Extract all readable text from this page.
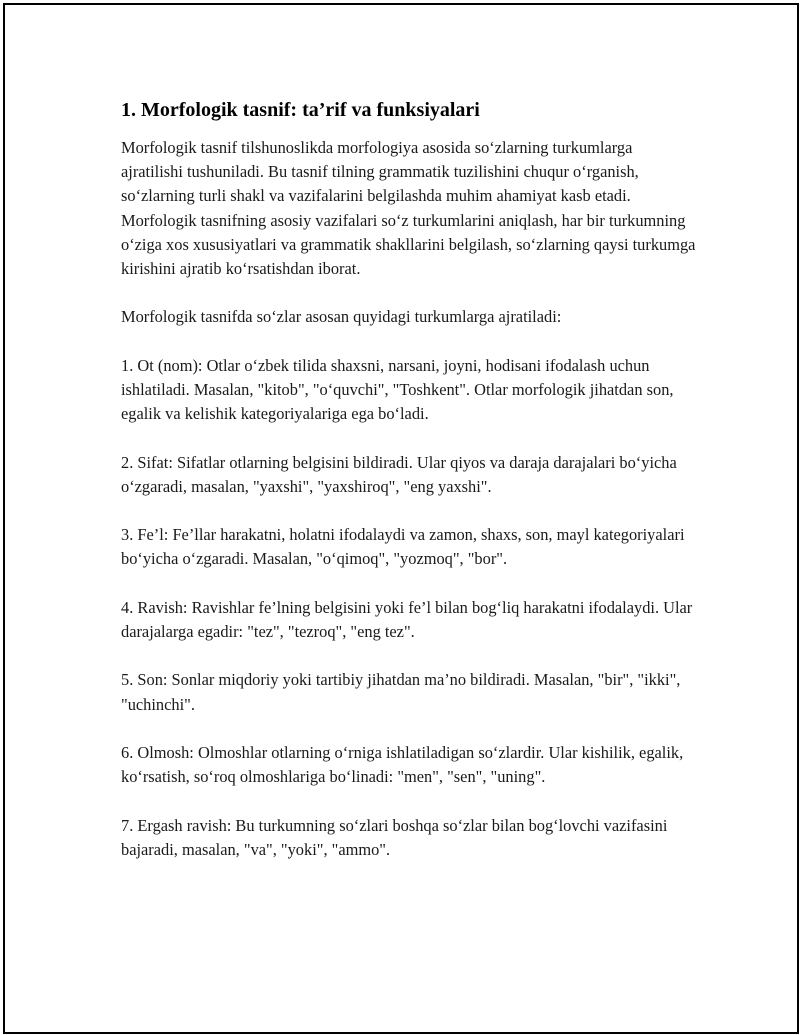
1. Morfologik tasnif: ta’rif va funksiyalari

Morfologik tasnif tilshunoslikda morfologiya asosida so‘zlarning turkumlarga ajratilishi tushuniladi. Bu tasnif tilning grammatik tuzilishini chuqur o‘rganish, so‘zlarning turli shakl va vazifalarini belgilashda muhim ahamiyat kasb etadi. Morfologik tasnifning asosiy vazifalari so‘z turkumlarini aniqlash, har bir turkumning o‘ziga xos xususiyatlari va grammatik shakllarini belgilash, so‘zlarning qaysi turkumga kirishini ajratib ko‘rsatishdan iborat.

Morfologik tasnifda so‘zlar asosan quyidagi turkumlarga ajratiladi:

1. Ot (nom): Otlar o‘zbek tilida shaxsni, narsani, joyni, hodisani ifodalash uchun ishlatiladi. Masalan, "kitob", "o‘quvchi", "Toshkent". Otlar morfologik jihatdan son, egalik va kelishik kategoriyalariga ega bo‘ladi.

2. Sifat: Sifatlar otlarning belgisini bildiradi. Ular qiyos va daraja darajalari bo‘yicha o‘zgaradi, masalan, "yaxshi", "yaxshiroq", "eng yaxshi".

3. Fe’l: Fe’llar harakatni, holatni ifodalaydi va zamon, shaxs, son, mayl kategoriyalari bo‘yicha o‘zgaradi. Masalan, "o‘qimoq", "yozmoq", "bor".

4. Ravish: Ravishlar fe’lning belgisini yoki fe’l bilan bog‘liq harakatni ifodalaydi. Ular darajalarga egadir: "tez", "tezroq", "eng tez".

5. Son: Sonlar miqdoriy yoki tartibiy jihatdan ma’no bildiradi. Masalan, "bir", "ikki", "uchinchi".

6. Olmosh: Olmoshlar otlarning o‘rniga ishlatiladigan so‘zlardir. Ular kishilik, egalik, ko‘rsatish, so‘roq olmoshlariga bo‘linadi: "men", "sen", "uning".

7. Ergash ravish: Bu turkumning so‘zlari boshqa so‘zlar bilan bog‘lovchi vazifasini bajaradi, masalan, "va", "yoki", "ammo".
